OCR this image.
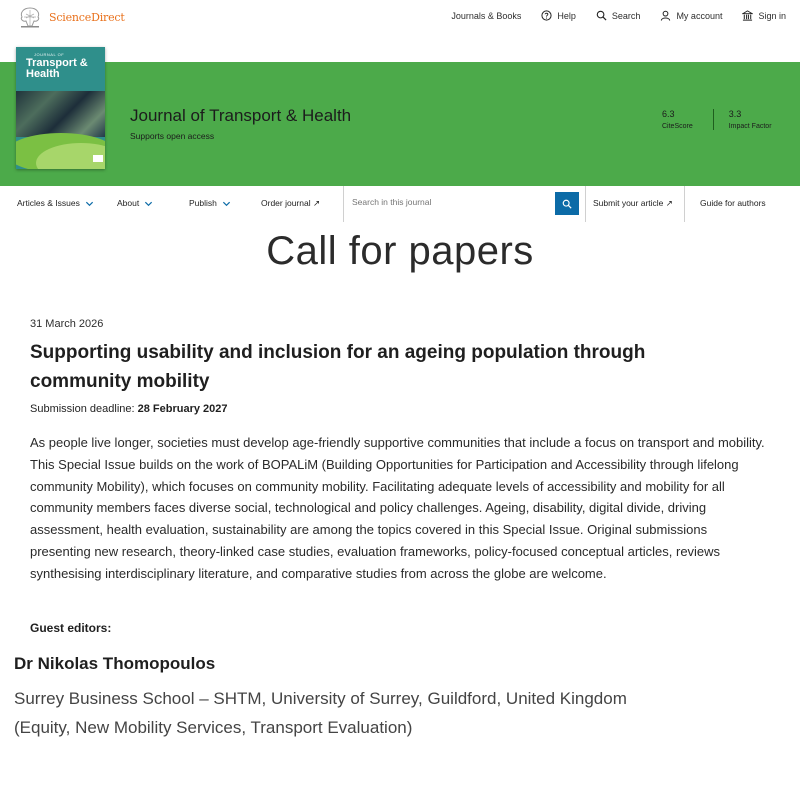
ScienceDirect	Journals & Books	Help	Search	My account	Sign in
Journal of Transport & Health
Supports open access
6.3
CiteScore
3.3
Impact Factor
JOURNAL OF
Transport & Health
Articles & Issues	About	Publish	Order journal ↗
Search in this journal	Submit your article ↗	Guide for authors
Call for papers
31 March 2026
Supporting usability and inclusion for an ageing population through community mobility
Submission deadline: 28 February 2027
As people live longer, societies must develop age-friendly supportive communities that include a focus on transport and mobility. This Special Issue builds on the work of BOPALiM (Building Opportunities for Participation and Accessibility through lifelong community Mobility), which focuses on community mobility. Facilitating adequate levels of accessibility and mobility for all community members faces diverse social, technological and policy challenges. Ageing, disability, digital divide, driving assessment, health evaluation, sustainability are among the topics covered in this Special Issue. Original submissions presenting new research, theory-linked case studies, evaluation frameworks, policy-focused conceptual articles, reviews synthesising interdisciplinary literature, and comparative studies from across the globe are welcome.
Guest editors:
Dr Nikolas Thomopoulos
Surrey Business School – SHTM, University of Surrey, Guildford, United Kingdom
(Equity, New Mobility Services, Transport Evaluation)
